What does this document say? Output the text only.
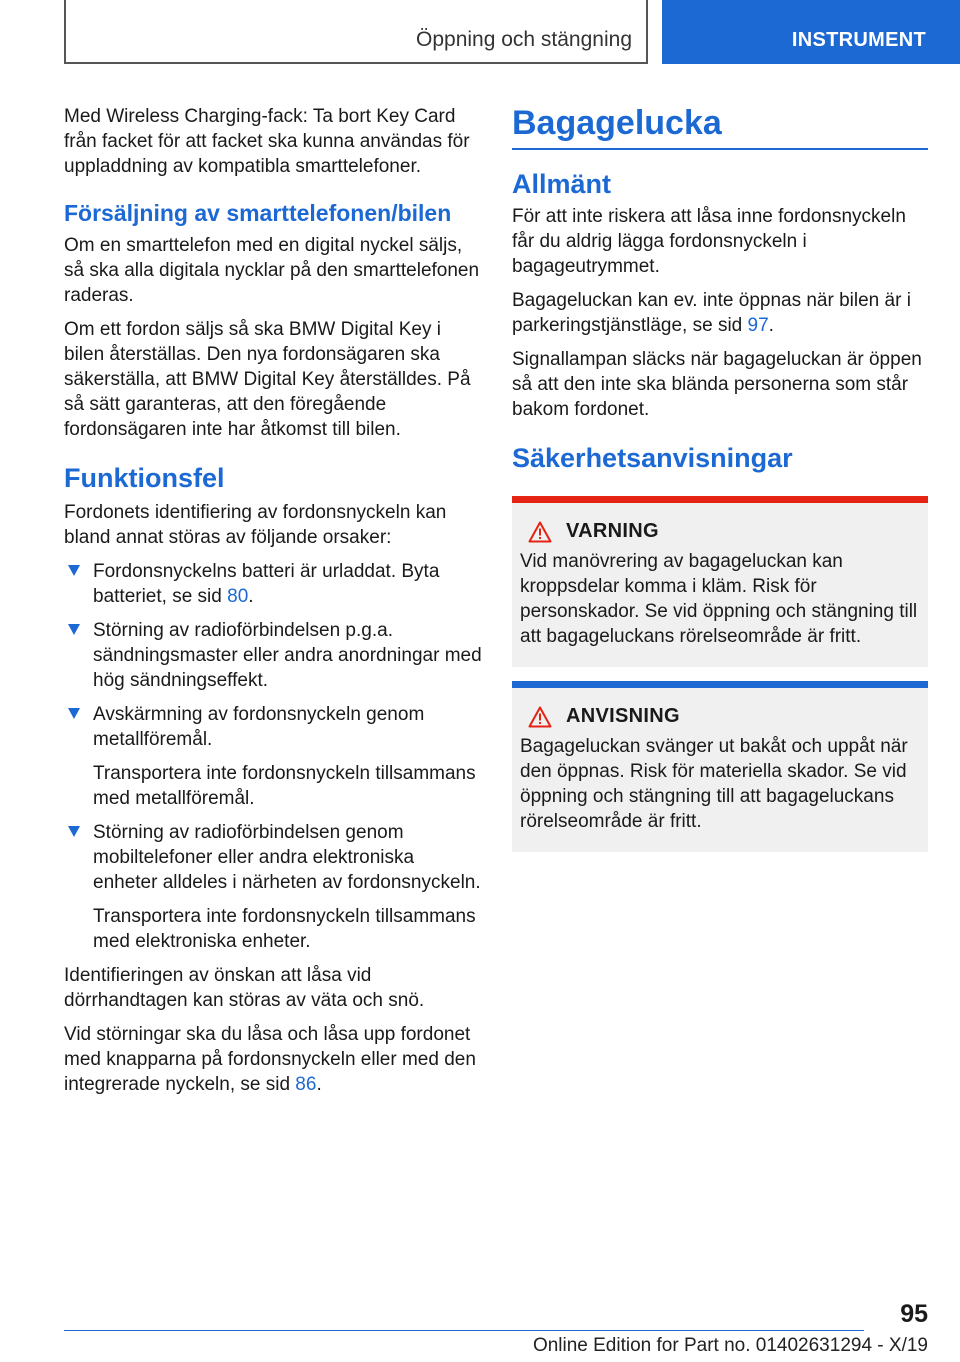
Öppning och stängning	INSTRUMENT

Med Wireless Charging-fack: Ta bort Key Card från facket för att facket ska kunna användas för uppladdning av kompatibla smarttelefoner.

Försäljning av smarttelefonen/bilen

Om en smarttelefon med en digital nyckel säljs, så ska alla digitala nycklar på den smarttelefonen raderas.

Om ett fordon säljs så ska BMW Digital Key i bilen återställas. Den nya fordonsägaren ska säkerställa, att BMW Digital Key återställdes. På så sätt garanteras, att den föregående fordonsägaren inte har åtkomst till bilen.

Funktionsfel

Fordonets identifiering av fordonsnyckeln kan bland annat störas av följande orsaker:

Fordonsnyckelns batteri är urladdat. Byta batteriet, se sid 80.

Störning av radioförbindelsen p.g.a. sändningsmaster eller andra anordningar med hög sändningseffekt.

Avskärmning av fordonsnyckeln genom metallföremål.

Transportera inte fordonsnyckeln tillsammans med metallföremål.

Störning av radioförbindelsen genom mobiltelefoner eller andra elektroniska enheter alldeles i närheten av fordonsnyckeln.

Transportera inte fordonsnyckeln tillsammans med elektroniska enheter.

Identifieringen av önskan att låsa vid dörrhandtagen kan störas av väta och snö.

Vid störningar ska du låsa och låsa upp fordonet med knapparna på fordonsnyckeln eller med den integrerade nyckeln, se sid 86.

Bagagelucka
Allmänt

För att inte riskera att låsa inne fordonsnyckeln får du aldrig lägga fordonsnyckeln i bagageutrymmet.

Bagageluckan kan ev. inte öppnas när bilen är i parkeringstjänstläge, se sid 97.

Signallampan släcks när bagageluckan är öppen så att den inte ska blända personerna som står bakom fordonet.

Säkerhetsanvisningar
VARNING

Vid manövrering av bagageluckan kan kroppsdelar komma i kläm. Risk för personskador. Se vid öppning och stängning till att bagageluckans rörelseområde är fritt.

ANVISNING

Bagageluckan svänger ut bakåt och uppåt när den öppnas. Risk för materiella skador. Se vid öppning och stängning till att bagageluckans rörelseområde är fritt.

95
Online Edition for Part no. 01402631294 - X/19
